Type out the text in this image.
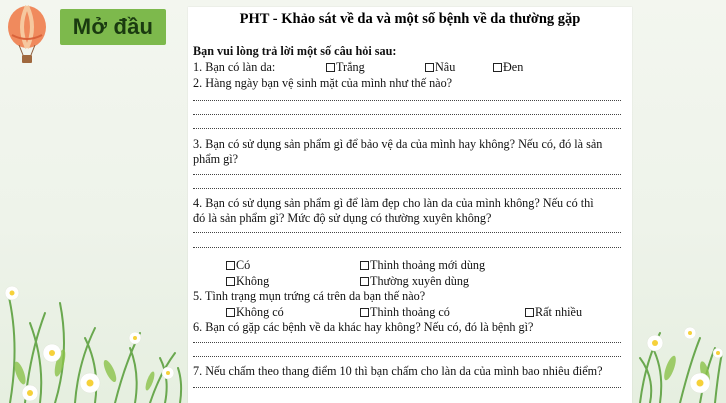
Mở đầu	PHT - Khảo sát về da và một số bệnh về da thường gặp
Bạn vui lòng trả lời một số câu hỏi sau:
1. Bạn có làn da:	Trắng	Nâu	Đen
2. Hàng ngày bạn vệ sinh mặt của mình như thế nào?
3. Bạn có sử dụng sản phẩm gì để bảo vệ da của mình hay không? Nếu có, đó là sản
phẩm gì?
4. Bạn có sử dụng sản phẩm gì để làm đẹp cho làn da của mình không? Nếu có thì
đó là sản phẩm gì? Mức độ sử dụng có thường xuyên không?
Có	Thỉnh thoảng mới dùng
Không	Thường xuyên dùng
5. Tình trạng mụn trứng cá trên da bạn thế nào?
Không có	Thỉnh thoảng có	Rất nhiều
6. Bạn có gặp các bệnh về da khác hay không? Nếu có, đó là bệnh gì?
7. Nếu chấm theo thang điểm 10 thì bạn chấm cho làn da của mình bao nhiêu điểm?
